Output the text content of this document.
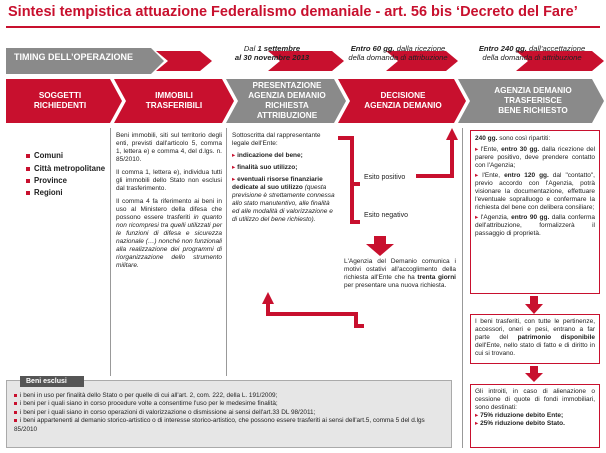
Sintesi tempistica attuazione Federalismo demaniale - art. 56 bis ‘Decreto del Fare’
TIMING DELL’OPERAZIONE
Dal 1 settembre
al 30 novembre 2013
Entro 60 gg. dalla ricezione
della domanda di attribuzione
Entro 240 gg. dall’accettazione
della domanda di attribuzione
SOGGETTI
RICHIEDENTI
IMMOBILI
TRASFERIBILI
PRESENTAZIONE
AGENZIA DEMANIO
RICHIESTA
ATTRIBUZIONE
DECISIONE
AGENZIA DEMANIO
AGENZIA DEMANIO
TRASFERISCE
BENE RICHIESTO
Comuni
Città metropolitane
Province
Regioni
Beni immobili, siti sul territorio degli enti, previsti dall'articolo 5, comma 1, lettera e) e comma 4, del d.lgs. n. 85/2010.
Il comma 1, lettera e), individua tutti gli immobili dello Stato non esclusi dal trasferimento.
Il comma 4 fa riferimento ai beni in uso al Ministero della difesa che possono essere trasferiti in quanto non ricompresi tra quelli utilizzati per le funzioni di difesa e sicurezza nazionale (…) nonché non funzionali alla realizzazione dei programmi di riorganizzazione dello strumento militare.
Sottoscritta dal rappresentante legale dell'Ente:
▸ indicazione del bene;
▸ finalità suo utilizzo;
▸ eventuali risorse finanziarie dedicate al suo utilizzo (questa previsione è strettamente connessa allo stato manutentivo, alle finalità ed alle modalità di valorizzazione e di utilizzo del bene richiesto).
Esito positivo
Esito negativo
L'Agenzia del Demanio comunica i motivi ostativi all'accoglimento della richiesta all'Ente che ha trenta giorni per presentare una nuova richiesta.
240 gg. sono così ripartiti:
▸ l'Ente, entro 30 gg. dalla ricezione del parere positivo, deve prendere contatto con l'Agenzia;
▸ l'Ente, entro 120 gg. dal "contatto", previo accordo con l'Agenzia, potrà visionare la documentazione, effettuare l'eventuale sopralluogo e confermare la richiesta del bene con delibera consiliare;
▸ l'Agenzia, entro 90 gg. dalla conferma dell'attribuzione, formalizzerà il passaggio di proprietà.
I beni trasferiti, con tutte le pertinenze, accessori, oneri e pesi, entrano a far parte del patrimonio disponibile dell'Ente, nello stato di fatto e di diritto in cui si trovano.
Gli introiti, in caso di alienazione o cessione di quote di fondi immobiliari, sono destinati:
▸ 75% riduzione debito Ente;
▸ 25% riduzione debito Stato.
Beni esclusi
i beni in uso per finalità dello Stato o per quelle di cui all'art. 2, com. 222, della L. 191/2009;
i beni per i quali siano in corso procedure volte a consentirne l'uso per le medesime finalità;
i beni per i quali siano in corso operazioni di valorizzazione o dismissione ai sensi dell'art.33 DL 98/2011;
i beni appartenenti al demanio storico-artistico o di interesse storico-artistico, che possono essere trasferiti ai sensi dell'art.5, comma 5 del d.lgs 85/2010
